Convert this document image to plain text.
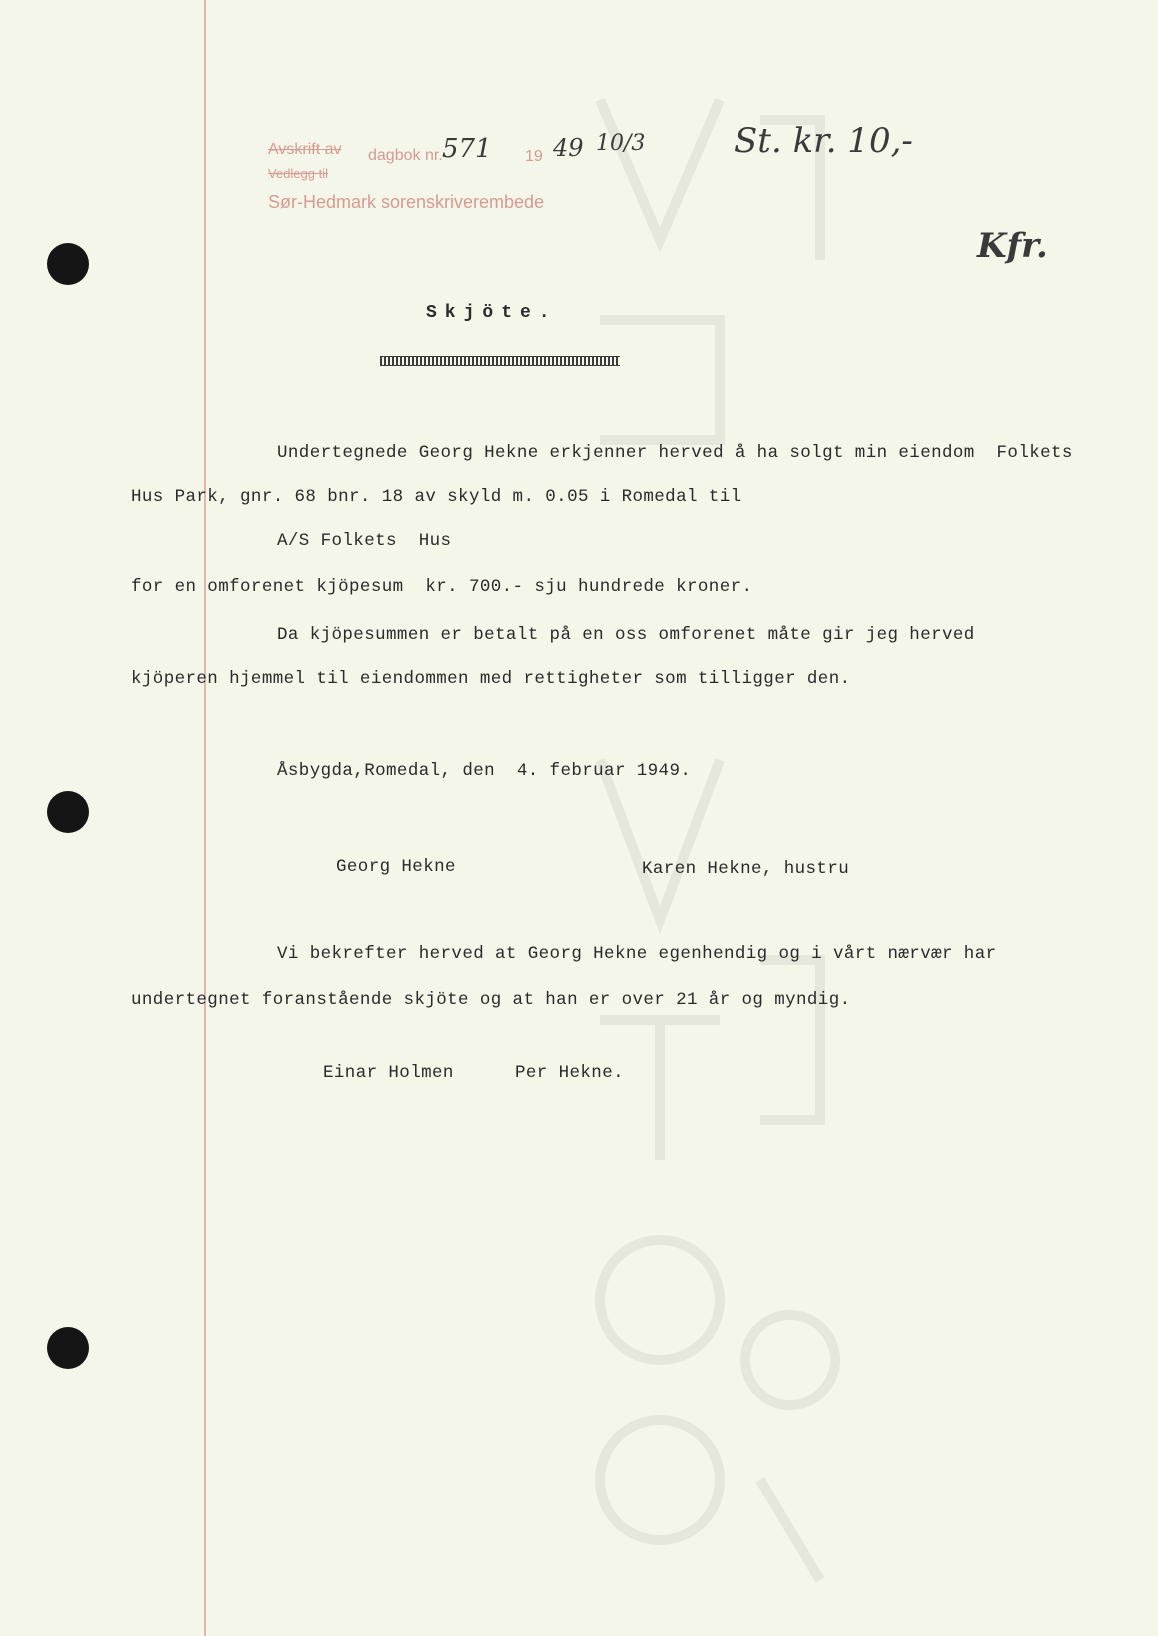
Avskrift av dagbok nr. 571 19 49 10/3
Vedlegg til
Sør-Hedmark sorenskriverembede
St. kr. 10,-
Kfr.
Skjöte.
Undertegnede Georg Hekne erkjenner herved å ha solgt min eiendom  Folkets
Hus Park, gnr. 68 bnr. 18 av skyld m. 0.05 i Romedal til
A/S Folkets  Hus
for en omforenet kjöpesum  kr. 700.- sju hundrede kroner.
Da kjöpesummen er betalt på en oss omforenet måte gir jeg herved
kjöperen hjemmel til eiendommen med rettigheter som tilligger den.
Åsbygda,Romedal, den  4. februar 1949.
Georg Hekne	Karen Hekne, hustru
Vi bekrefter herved at Georg Hekne egenhendig og i vårt nærvær har
undertegnet foranstående skjöte og at han er over 21 år og myndig.
Einar Holmen	Per Hekne.
